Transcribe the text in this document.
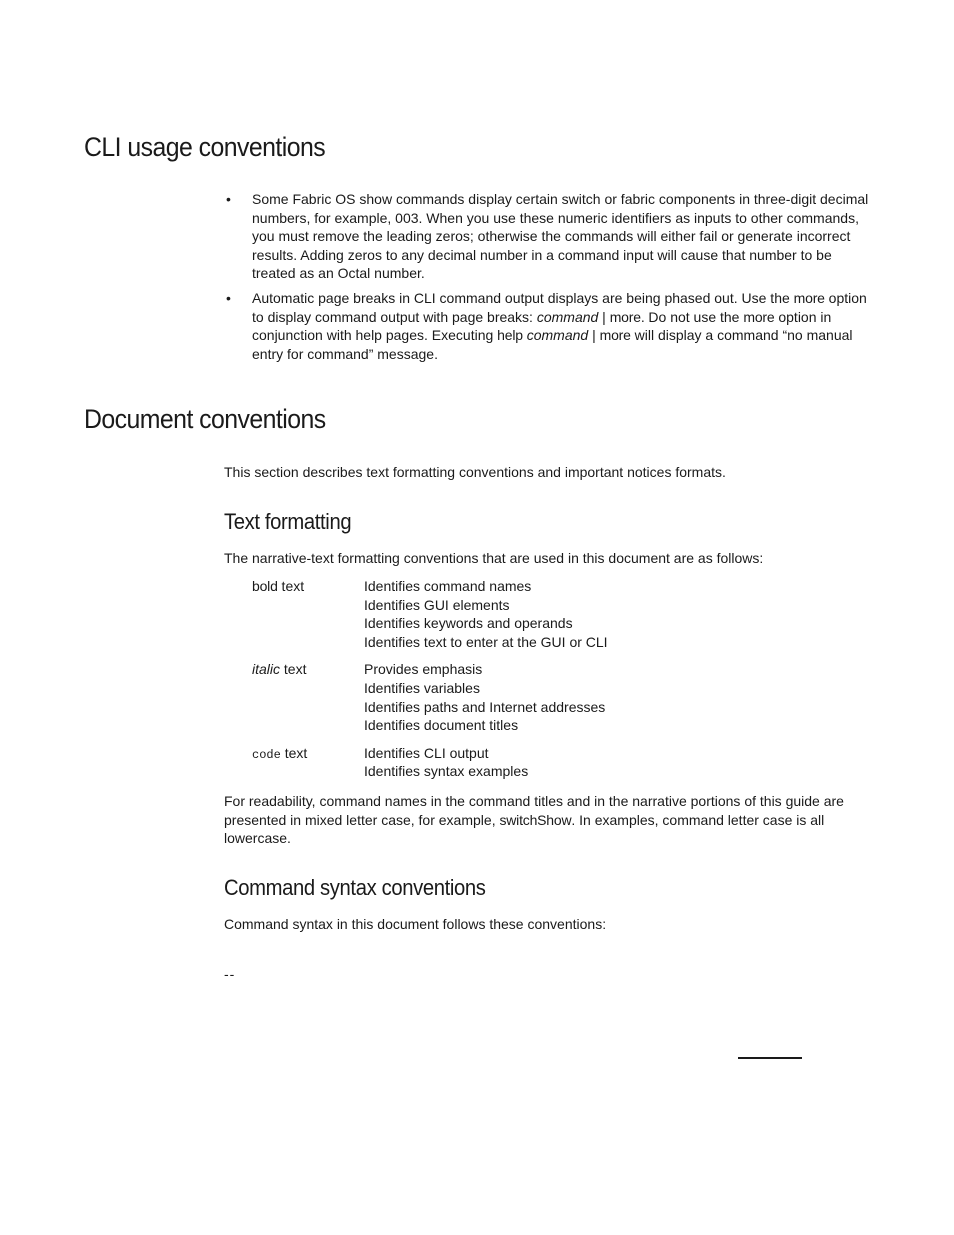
CLI usage conventions
• Some Fabric OS show commands display certain switch or fabric components in three-digit decimal numbers, for example, 003. When you use these numeric identifiers as inputs to other commands, you must remove the leading zeros; otherwise the commands will either fail or generate incorrect results. Adding zeros to any decimal number in a command input will cause that number to be treated as an Octal number.
• Automatic page breaks in CLI command output displays are being phased out. Use the more option to display command output with page breaks: command | more. Do not use the more option in conjunction with help pages. Executing help command | more will display a command “no manual entry for command” message.
Document conventions

This section describes text formatting conventions and important notices formats.

Text formatting

The narrative-text formatting conventions that are used in this document are as follows:

bold text	Identifies command names
Identifies GUI elements
Identifies keywords and operands
Identifies text to enter at the GUI or CLI
italic text	Provides emphasis
Identifies variables
Identifies paths and Internet addresses
Identifies document titles
code text	Identifies CLI output
Identifies syntax examples

For readability, command names in the command titles and in the narrative portions of this guide are presented in mixed letter case, for example, switchShow. In examples, command letter case is all lowercase.

Command syntax conventions

Command syntax in this document follows these conventions:

--
